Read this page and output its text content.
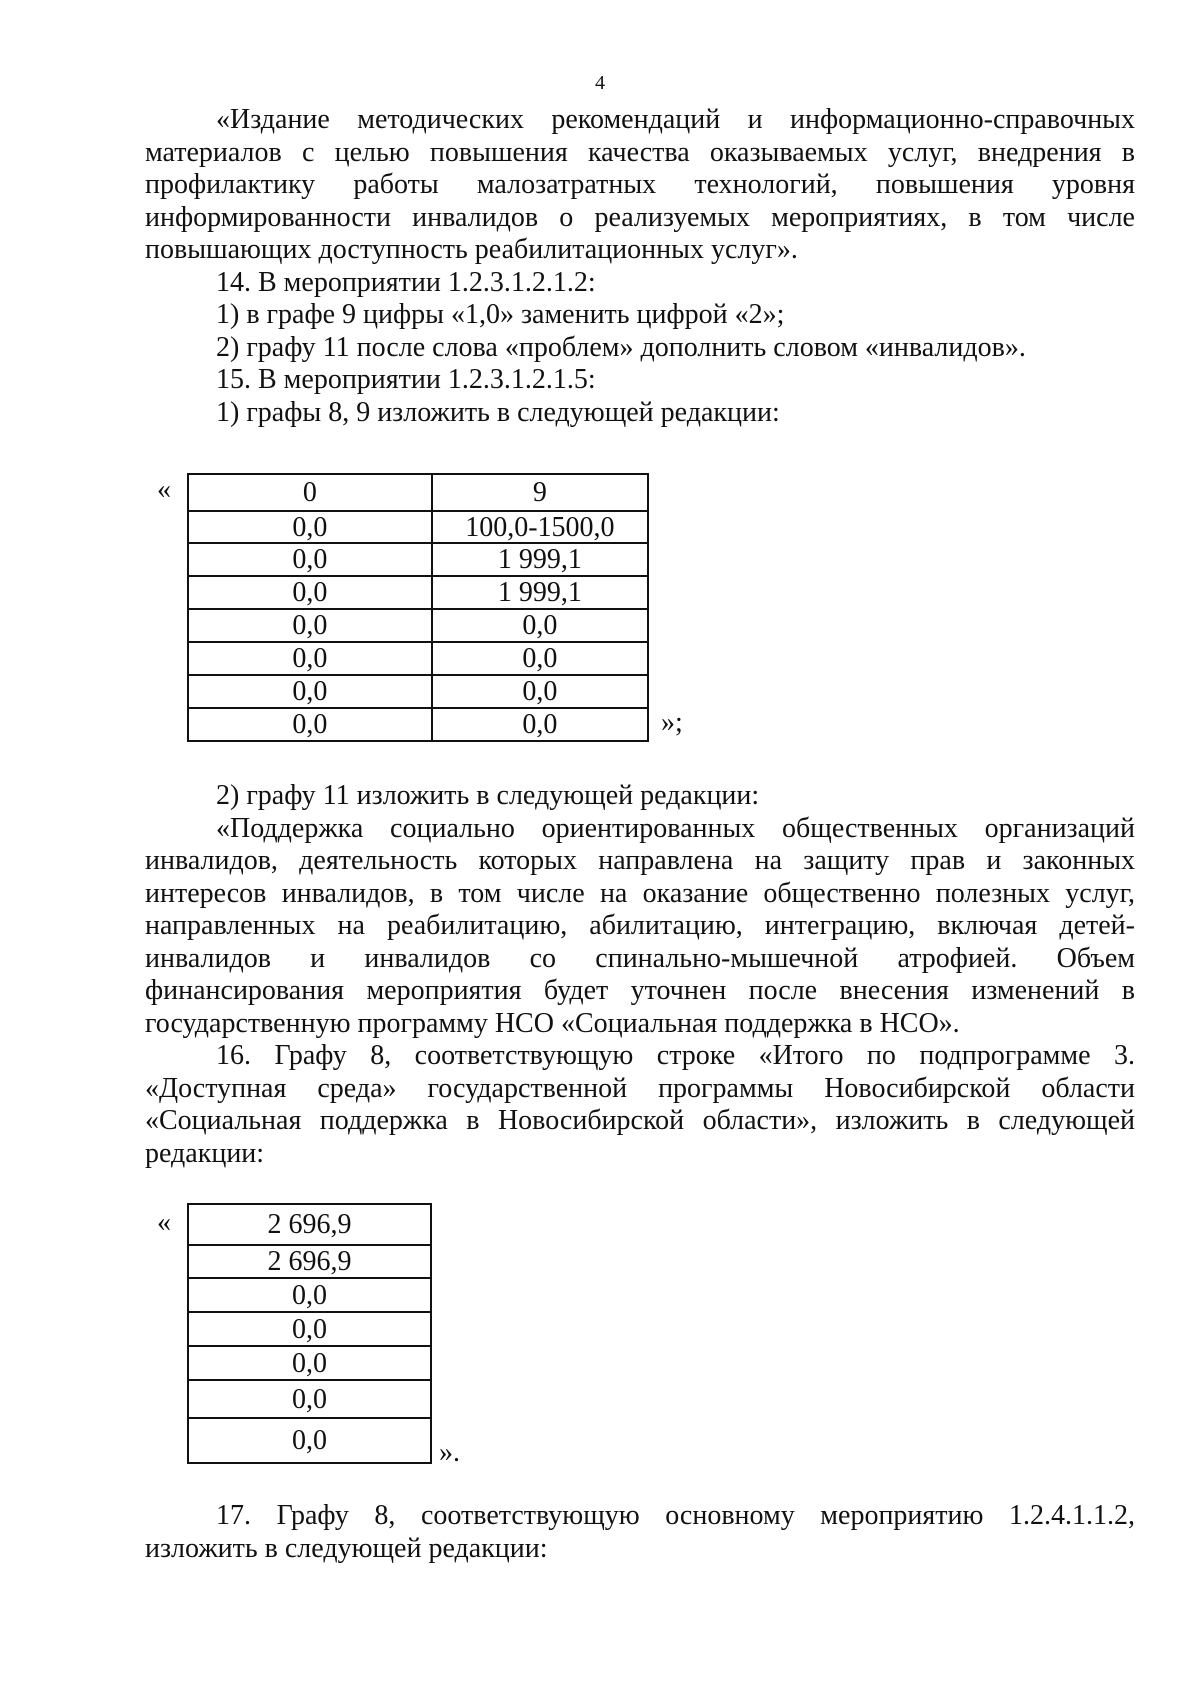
4

«Издание методических рекомендаций и информационно-справочных материалов с целью повышения качества оказываемых услуг, внедрения в профилактику работы малозатратных технологий, повышения уровня информированности инвалидов о реализуемых мероприятиях, в том числе повышающих доступность реабилитационных услуг».

14. В мероприятии 1.2.3.1.2.1.2:

1) в графе 9 цифры «1,0» заменить цифрой «2»;

2) графу 11 после слова «проблем» дополнить словом «инвалидов».

15. В мероприятии 1.2.3.1.2.1.5:

1) графы 8, 9 изложить в следующей редакции:

«	0	9
0,0	100,0-1500,0
0,0	1 999,1
0,0	1 999,1
0,0	0,0
0,0	0,0
0,0	0,0
0,0	0,0	»;

2) графу 11 изложить в следующей редакции:

«Поддержка социально ориентированных общественных организаций инвалидов, деятельность которых направлена на защиту прав и законных интересов инвалидов, в том числе на оказание общественно полезных услуг, направленных на реабилитацию, абилитацию, интеграцию, включая детей-инвалидов и инвалидов со спинально-мышечной атрофией. Объем финансирования мероприятия будет уточнен после внесения изменений в государственную программу НСО «Социальная поддержка в НСО».

16. Графу 8, соответствующую строке «Итого по подпрограмме 3. «Доступная среда» государственной программы Новосибирской области «Социальная поддержка в Новосибирской области», изложить в следующей редакции:

«	2 696,9
2 696,9
0,0
0,0
0,0
0,0
0,0	».

17. Графу 8, соответствующую основному мероприятию 1.2.4.1.1.2, изложить в следующей редакции:
